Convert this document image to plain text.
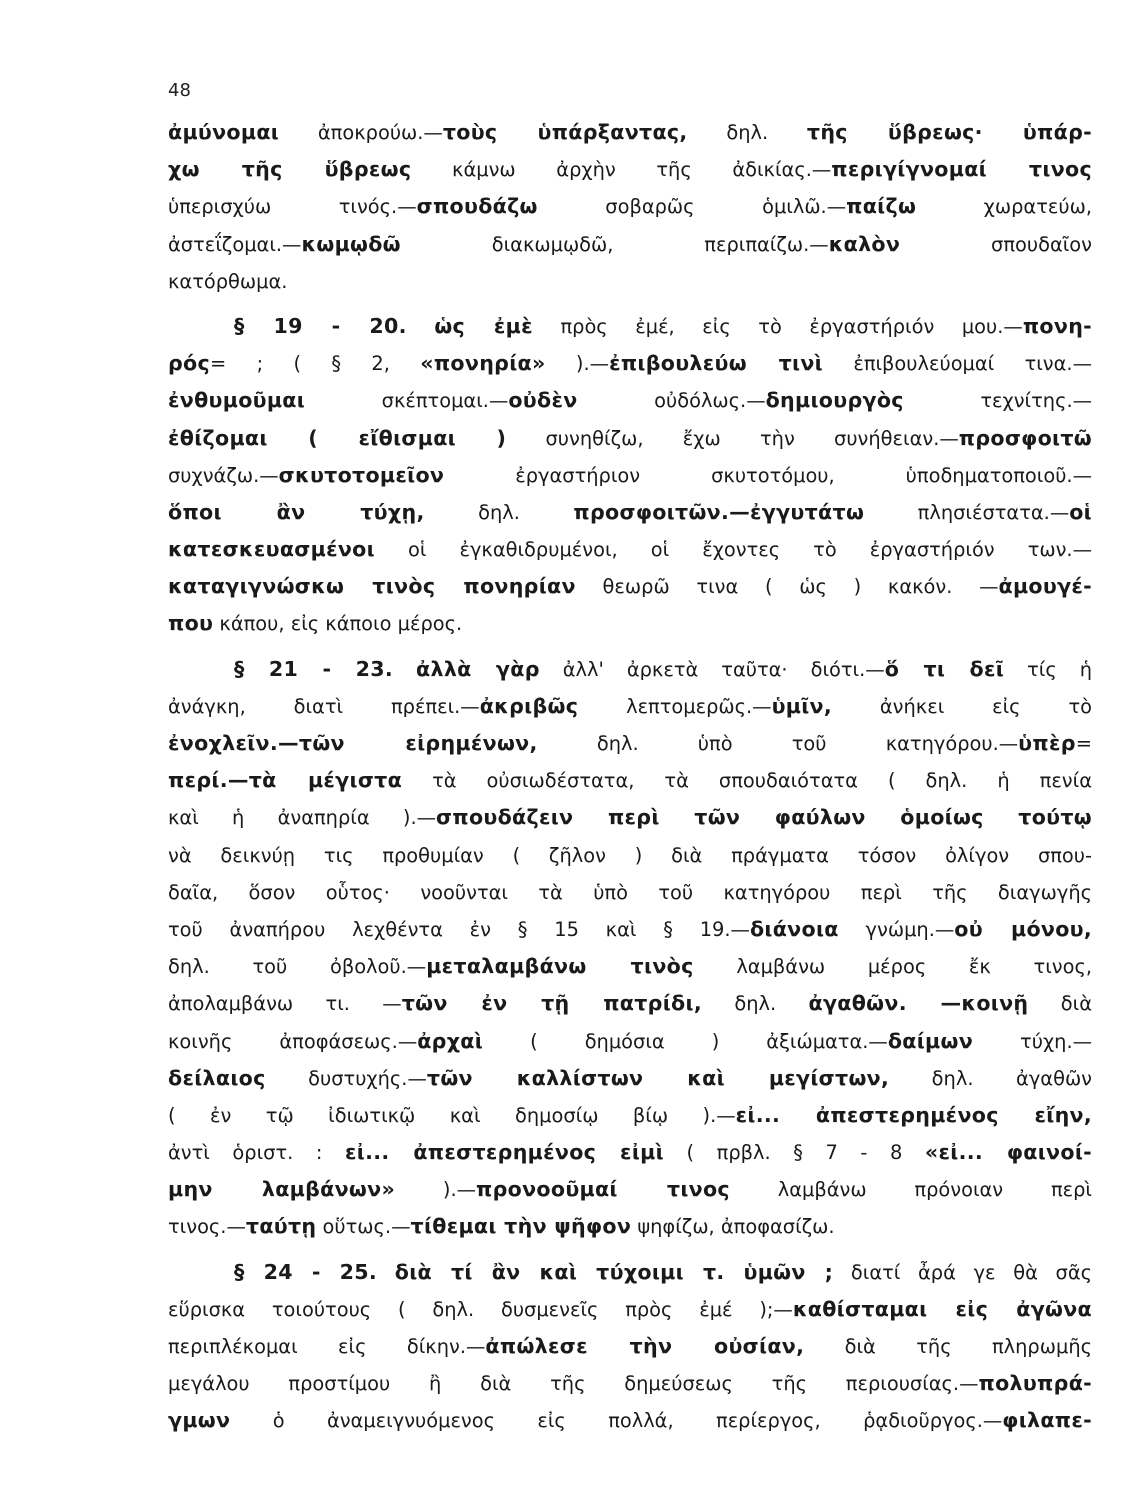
48
ἀμύνομαι ἀποκρούω.—τοὺς ὑπάρξαντας, δηλ. τῆς ὕβρεως· ὑπάρ-
χω τῆς ὕβρεως κάμνω ἀρχὴν τῆς ἀδικίας.—περιγίγνομαί τινος
ὑπερισχύω τινός.—σπουδάζω σοβαρῶς ὁμιλῶ.—παίζω χωρατεύω,
ἀστεΐζομαι.—κωμῳδῶ διακωμῳδῶ, περιπαίζω.—καλὸν σπουδαῖον
κατόρθωμα.
§ 19 - 20. ὡς ἐμὲ πρὸς ἐμέ, εἰς τὸ ἐργαστήριόν μου.—πονη-
ρός= ; ( § 2, «πονηρία» ).—ἐπιβουλεύω τινὶ ἐπιβουλεύομαί τινα.—
ἐνθυμοῦμαι σκέπτομαι.—οὐδὲν οὐδόλως.—δημιουργὸς τεχνίτης.—
ἐθίζομαι ( εἴθισμαι ) συνηθίζω, ἔχω τὴν συνήθειαν.—προσφοιτῶ
συχνάζω.—σκυτοτομεῖον ἐργαστήριον σκυτοτόμου, ὑποδηματοποιοῦ.—
ὅποι ἂν τύχῃ, δηλ. προσφοιτῶν.—ἐγγυτάτω πλησιέστατα.—οἱ
κατεσκευασμένοι οἱ ἐγκαθιδρυμένοι, οἱ ἔχοντες τὸ ἐργαστήριόν των.—
καταγιγνώσκω τινὸς πονηρίαν θεωρῶ τινα ( ὡς ) κακόν. —ἀμουγέ-
που κάπου, εἰς κάποιο μέρος.
§ 21 - 23. ἀλλὰ γὰρ ἀλλ' ἀρκετὰ ταῦτα· διότι.—ὅ τι δεῖ τίς ἡ
ἀνάγκη, διατὶ πρέπει.—ἀκριβῶς λεπτομερῶς.—ὑμῖν, ἀνήκει εἰς τὸ
ἐνοχλεῖν.—τῶν εἰρημένων, δηλ. ὑπὸ τοῦ κατηγόρου.—ὑπὲρ=
περί.—τὰ μέγιστα τὰ οὐσιωδέστατα, τὰ σπουδαιότατα ( δηλ. ἡ πενία
καὶ ἡ ἀναπηρία ).—σπουδάζειν περὶ τῶν φαύλων ὁμοίως τούτῳ
νὰ δεικνύῃ τις προθυμίαν ( ζῆλον ) διὰ πράγματα τόσον ὀλίγον σπου-
δαῖα, ὅσον οὗτος· νοοῦνται τὰ ὑπὸ τοῦ κατηγόρου περὶ τῆς διαγωγῆς
τοῦ ἀναπήρου λεχθέντα ἐν § 15 καὶ § 19.—διάνοια γνώμη.—οὐ μόνου,
δηλ. τοῦ ὀβολοῦ.—μεταλαμβάνω τινὸς λαμβάνω μέρος ἔκ τινος,
ἀπολαμβάνω τι. —τῶν ἐν τῇ πατρίδι, δηλ. ἀγαθῶν. —κοινῇ διὰ
κοινῆς ἀποφάσεως.—ἀρχαὶ ( δημόσια ) ἀξιώματα.—δαίμων τύχη.—
δείλαιος δυστυχής.—τῶν καλλίστων καὶ μεγίστων, δηλ. ἀγαθῶν
( ἐν τῷ ἰδιωτικῷ καὶ δημοσίῳ βίῳ ).—εἰ... ἀπεστερημένος εἴην,
ἀντὶ ὁριστ. : εἰ... ἀπεστερημένος εἰμὶ ( πρβλ. § 7 - 8 «εἰ... φαινοί-
μην λαμβάνων» ).—προνοοῦμαί τινος λαμβάνω πρόνοιαν περὶ
τινος.—ταύτῃ οὕτως.—τίθεμαι τὴν ψῆφον ψηφίζω, ἀποφασίζω.
§ 24 - 25. διὰ τί ἂν καὶ τύχοιμι τ. ὑμῶν ; διατί ἆρά γε θὰ σᾶς
εὕρισκα τοιούτους ( δηλ. δυσμενεῖς πρὸς ἐμέ );—καθίσταμαι εἰς ἀγῶνα
περιπλέκομαι εἰς δίκην.—ἀπώλεσε τὴν οὐσίαν, διὰ τῆς πληρωμῆς
μεγάλου προστίμου ἢ διὰ τῆς δημεύσεως τῆς περιουσίας.—πολυπρά-
γμων ὁ ἀναμειγνυόμενος εἰς πολλά, περίεργος, ῥᾳδιοῦργος.—φιλαπε-
